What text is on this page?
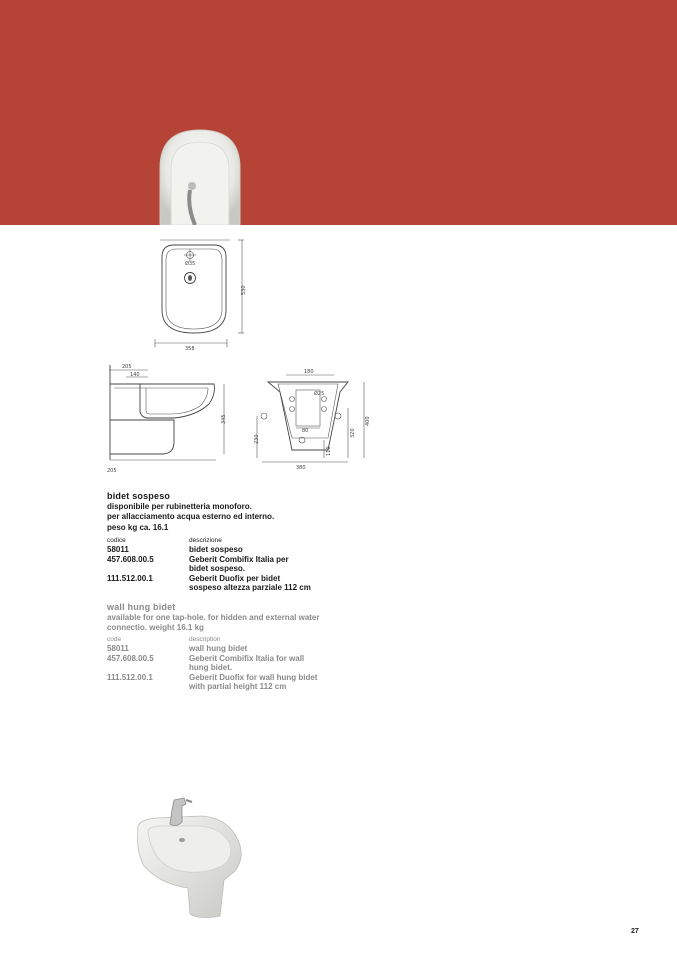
Ø35
530
358
205
140
345
205
180
Ø25
80
230
110
320
400
380
bidet sospeso
disponibile per rubinetteria monoforo.
per allacciamento acqua esterno ed interno.
peso kg ca. 16.1
codice	descrizione
58011	bidet sospeso

457.608.00.5	Geberit Combifix Italia per
bidet sospeso.

111.512.00.1	Geberit Duofix per bidet
sospeso altezza parziale 112 cm
wall hung bidet
available for one tap-hole. for hidden and external water
connectio. weight 16.1 kg
code	description
58011	wall hung bidet

457.608.00.5	Geberit Combifix Italia for wall
hung bidet.

111.512.00.1	Geberit Duofix for wall hung bidet
with partial height 112 cm
27
